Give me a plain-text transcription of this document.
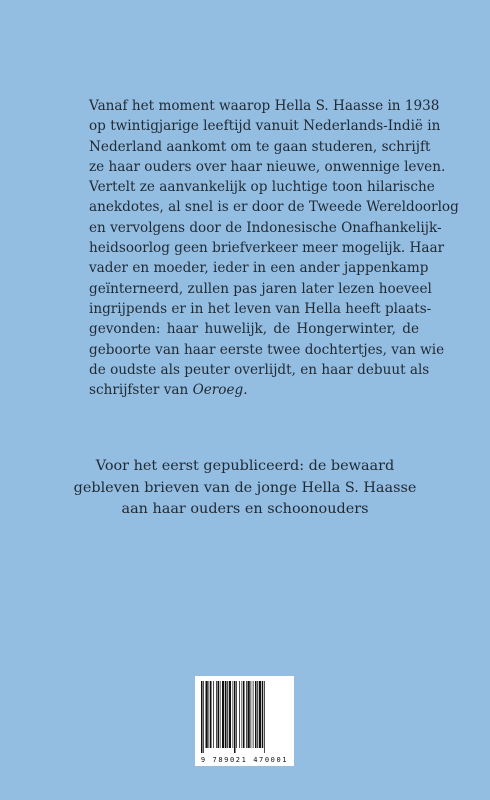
Vanaf het moment waarop Hella S. Haasse in 1938
op twintigjarige leeftijd vanuit Nederlands-Indië in
Nederland aankomt om te gaan studeren, schrijft
ze haar ouders over haar nieuwe, onwennige leven.
Vertelt ze aanvankelijk op luchtige toon hilarische
anekdotes, al snel is er door de Tweede Wereldoorlog
en vervolgens door de Indonesische Onafhankelijk-
heidsoorlog geen briefverkeer meer mogelijk. Haar
vader en moeder, ieder in een ander jappenkamp
geïnterneerd, zullen pas jaren later lezen hoeveel
ingrijpends er in het leven van Hella heeft plaats-
gevonden: haar huwelijk, de Hongerwinter, de
geboorte van haar eerste twee dochtertjes, van wie
de oudste als peuter overlijdt, en haar debuut als
schrijfster van Oeroeg.
Voor het eerst gepubliceerd: de bewaard
gebleven brieven van de jonge Hella S. Haasse
aan haar ouders en schoonouders
9 789021 470001
